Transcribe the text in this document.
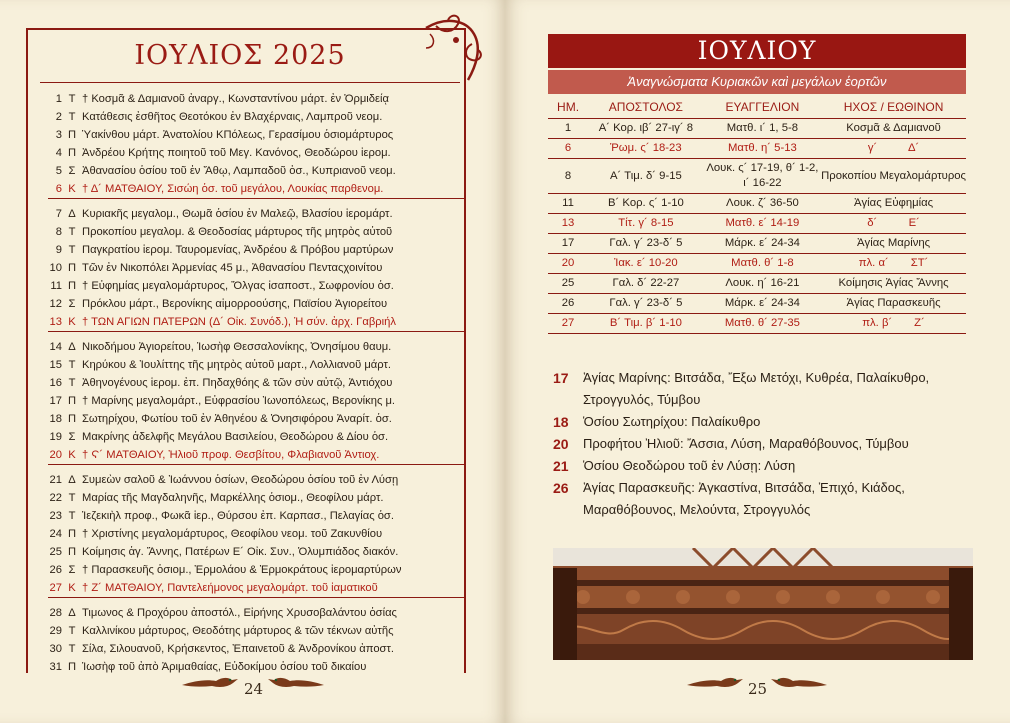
ΙΟΥΛΙΟΣ 2025
1 Τ † Κοσμᾶ & Δαμιανοῦ ἀναργ., Κωνσταντίνου μάρτ. ἐν Ὀρμιδείᾳ
2 Τ Κατάθεσις ἐσθῆτος Θεοτόκου ἐν Βλαχέρναις, Λαμπροῦ νεομ.
3 Π Ὑακίνθου μάρτ. Ἀνατολίου ΚΠόλεως, Γερασίμου ὁσιομάρτυρος
4 Π Ἀνδρέου Κρήτης ποιητοῦ τοῦ Μεγ. Κανόνος, Θεοδώρου ἱερομ.
5 Σ Ἀθανασίου ὁσίου τοῦ ἐν Ἄθῳ, Λαμπαδοῦ ὁσ., Κυπριανοῦ νεομ.
6 Κ † Δ´ ΜΑΤΘΑΙΟΥ, Σισώη ὁσ. τοῦ μεγάλου, Λουκίας παρθενομ.
7 Δ Κυριακῆς μεγαλομ., Θωμᾶ ὁσίου ἐν Μαλεῷ, Βλασίου ἱερομάρτ.
8 Τ Προκοπίου μεγαλομ. & Θεοδοσίας μάρτυρος τῆς μητρὸς αὐτοῦ
9 Τ Παγκρατίου ἱερομ. Ταυρομενίας, Ἀνδρέου & Πρόβου μαρτύρων
10 Π Τῶν ἐν Νικοπόλει Ἀρμενίας 45 μ., Ἀθανασίου Πενταςχοινίτου
11 Π † Εὐφημίας μεγαλομάρτυρος, Ὄλγας ἰσαποστ., Σωφρονίου ὁσ.
12 Σ Πρόκλου μάρτ., Βερονίκης αἱμορροούσης, Παϊσίου Ἁγιορείτου
13 Κ † ΤΩΝ ΑΓΙΩΝ ΠΑΤΕΡΩΝ (Δ´ Οἰκ. Συνόδ.), Ἡ σύν. ἀρχ. Γαβριήλ
14 Δ Νικοδήμου Ἁγιορείτου, Ἰωσὴφ Θεσσαλονίκης, Ὀνησίμου θαυμ.
15 Τ Κηρύκου & Ἰουλίττης τῆς μητρὸς αὐτοῦ μαρτ., Λολλιανοῦ μάρτ.
16 Τ Ἀθηνογένους ἱερομ. ἐπ. Πηδαχθόης & τῶν σὺν αὐτῷ, Ἀντιόχου
17 Π † Μαρίνης μεγαλομάρτ., Εὐφρασίου Ἰωνοπόλεως, Βερονίκης μ.
18 Π Σωτηρίχου, Φωτίου τοῦ ἐν Ἀθηνέου & Ὀνησιφόρου Ἀναρίτ. ὁσ.
19 Σ Μακρίνης ἀδελφῆς Μεγάλου Βασιλείου, Θεοδώρου & Δίου ὁσ.
20 Κ † Ϛ´ ΜΑΤΘΑΙΟΥ, Ἠλιοῦ προφ. Θεσβίτου, Φλαβιανοῦ Ἀντιοχ.
21 Δ Συμεὼν σαλοῦ & Ἰωάννου ὁσίων, Θεοδώρου ὁσίου τοῦ ἐν Λύσῃ
22 Τ Μαρίας τῆς Μαγδαληνῆς, Μαρκέλλης ὁσιομ., Θεοφίλου μάρτ.
23 Τ Ἰεζεκιὴλ προφ., Φωκᾶ ἱερ., Θύρσου ἐπ. Καρπασ., Πελαγίας ὁσ.
24 Π † Χριστίνης μεγαλομάρτυρος, Θεοφίλου νεομ. τοῦ Ζακυνθίου
25 Π Κοίμησις ἁγ. Ἄννης, Πατέρων Ε´ Οἰκ. Συν., Ὀλυμπιάδος διακόν.
26 Σ † Παρασκευῆς ὁσιομ., Ἑρμολάου & Ἑρμοκράτους ἱερομαρτύρων
27 Κ † Ζ´ ΜΑΤΘΑΙΟΥ, Παντελεήμονος μεγαλομάρτ. τοῦ ἰαματικοῦ
28 Δ Τιμωνος & Προχόρου ἀποστόλ., Εἰρήνης Χρυσοβαλάντου ὁσίας
29 Τ Καλλινίκου μάρτυρος, Θεοδότης μάρτυρος & τῶν τέκνων αὐτῆς
30 Τ Σίλα, Σιλουανοῦ, Κρήσκεντος, Ἐπαινετοῦ & Ἀνδρονίκου ἀποστ.
31 Π Ἰωσὴφ τοῦ ἀπὸ Ἀριμαθαίας, Εὐδοκίμου ὁσίου τοῦ δικαίου
24
ΙΟΥΛΙΟΥ
Ἀναγνώσματα Κυριακῶν καὶ μεγάλων ἑορτῶν
ΗΜ.	ΑΠΟΣΤΟΛΟΣ	ΕΥΑΓΓΕΛΙΟΝ	ΗΧΟΣ / ΕΩΘΙΝΟΝ
1	Α´ Κορ. ιβ´ 27-ιγ´ 8	Ματθ. ι´ 1, 5-8	Κοσμᾶ & Δαμιανοῦ
6	Ῥωμ. ς´ 18-23	Ματθ. η´ 5-13	γ´          Δ´
8	Α´ Τιμ. δ´ 9-15	Λουκ. ς´ 17-19, θ´ 1-2, ι´ 16-22	Προκοπίου Μεγαλομάρτυρος
11	Β´ Κορ. ς´ 1-10	Λουκ. ζ´ 36-50	Ἁγίας Εὐφημίας
13	Τίτ. γ´ 8-15	Ματθ. ε´ 14-19	δ´          Ε´
17	Γαλ. γ´ 23-δ´ 5	Μάρκ. ε´ 24-34	Ἁγίας Μαρίνης
20	Ἰακ. ε´ 10-20	Ματθ. θ´ 1-8	πλ. α´       ΣΤ´
25	Γαλ. δ´ 22-27	Λουκ. η´ 16-21	Κοίμησις Ἁγίας Ἄννης
26	Γαλ. γ´ 23-δ´ 5	Μάρκ. ε´ 24-34	Ἁγίας Παρασκευῆς
27	Β´ Τιμ. β´ 1-10	Ματθ. θ´ 27-35	πλ. β´       Ζ´
17	Ἁγίας Μαρίνης: Βιτσάδα, Ἔξω Μετόχι, Κυθρέα, Παλαίκυθρο, Στρογγυλός, Τύμβου
18	Ὁσίου Σωτηρίχου: Παλαίκυθρο
20	Προφήτου Ἠλιοῦ: Ἄσσια, Λύση, Μαραθόβουνος, Τύμβου
21	Ὁσίου Θεοδώρου τοῦ ἐν Λύσῃ: Λύση
26	Ἁγίας Παρασκευῆς: Ἀγκαστίνα, Βιτσάδα, Ἐπιχό, Κιάδος, Μαραθόβουνος, Μελούντα, Στρογγυλός
25
